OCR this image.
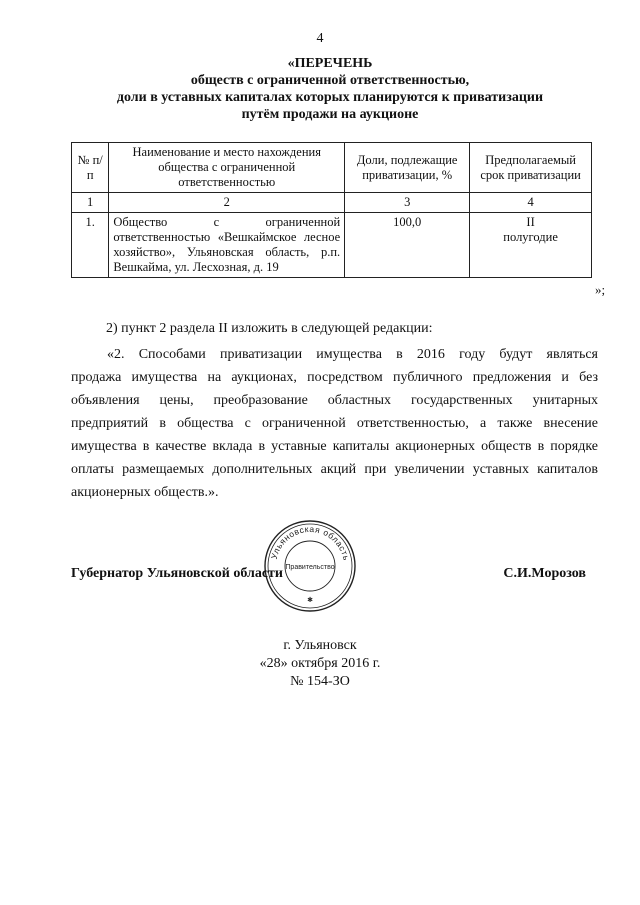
4
«ПЕРЕЧЕНЬ
обществ с ограниченной ответственностью,
доли в уставных капиталах которых планируются к приватизации
путём продажи на аукционе
№ п/п	Наименование и место нахождения общества с ограниченной ответственностью	Доли, подлежащие приватизации, %	Предполагаемый срок приватизации
1	2	3	4
1.	Общество с ограниченной ответственностью «Вешкаймское лесное хозяйство», Ульяновская область, р.п. Вешкайма, ул. Лесхозная, д. 19	100,0	II
полугодие
»;
2) пункт 2 раздела II изложить в следующей редакции:
«2. Способами приватизации имущества в 2016 году будут являться
продажа имущества на аукционах, посредством публичного предложения и без
объявления цены, преобразование областных государственных унитарных
предприятий в общества с ограниченной ответственностью, а также внесение
имущества в качестве вклада в уставные капиталы акционерных обществ в порядке
оплаты размещаемых дополнительных акций при увеличении уставных капиталов
акционерных обществ.».
Ульяновская область
Правительство
✱
Губернатор Ульяновской области	С.И.Морозов
г. Ульяновск
«28» октября 2016 г.
№ 154-ЗО
